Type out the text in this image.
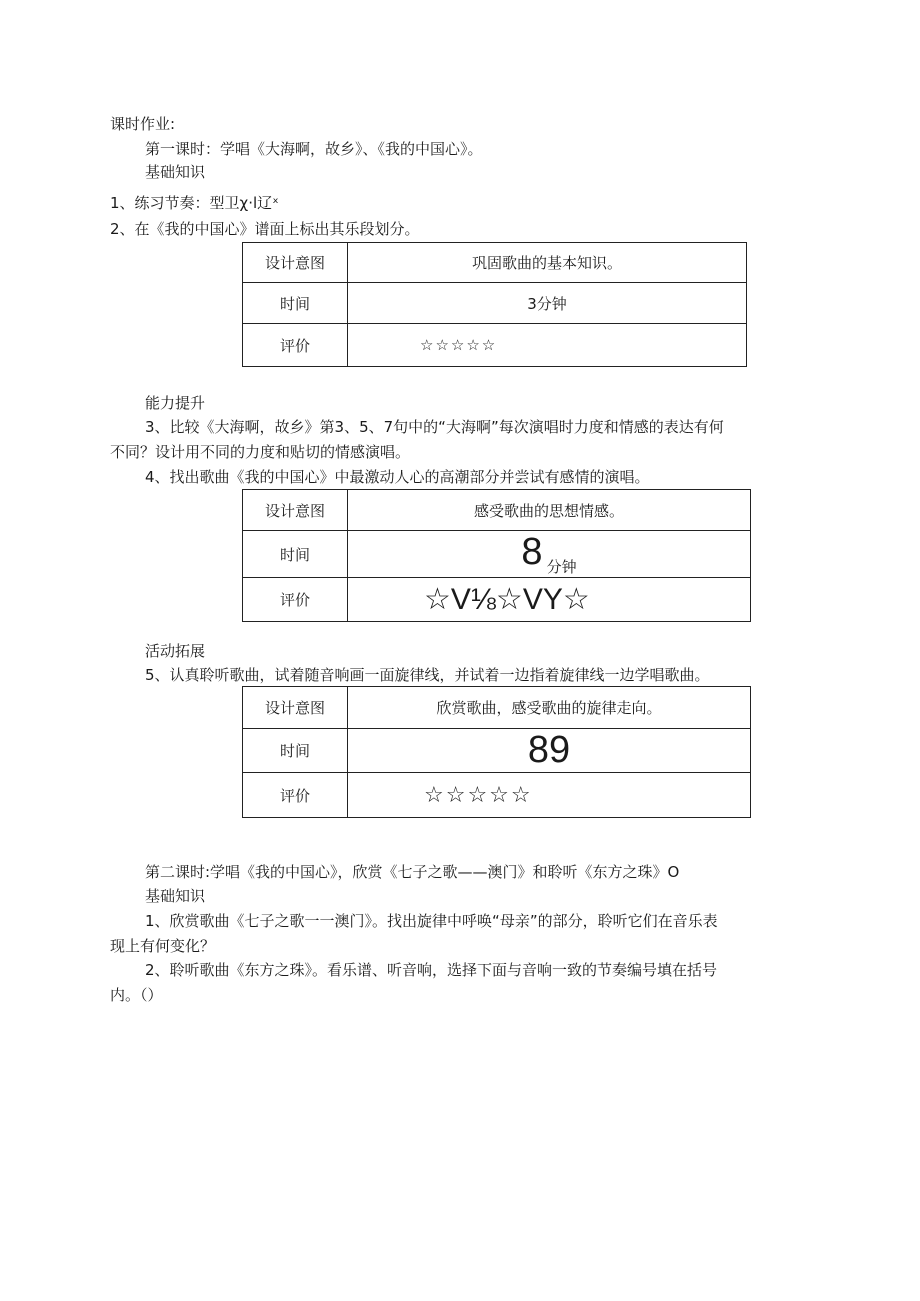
课时作业:
第一课时：学唱《大海啊，故乡》、《我的中国心》。
基础知识
1、练习节奏：型卫χ·l辽ˣ
2、在《我的中国心》谱面上标出其乐段划分。
设计意图	巩固歌曲的基本知识。
时间	3分钟
评价	☆☆☆☆☆
能力提升
3、比较《大海啊，故乡》第3、5、7句中的“大海啊”每次演唱时力度和情感的表达有何
不同？设计用不同的力度和贴切的情感演唱。
4、找出歌曲《我的中国心》中最激动人心的高潮部分并尝试有感情的演唱。
设计意图	感受歌曲的思想情感。
时间	8 分钟
评价	☆V⅛☆VY☆
活动拓展
5、认真聆听歌曲，试着随音响画一面旋律线，并试着一边指着旋律线一边学唱歌曲。
设计意图	欣赏歌曲，感受歌曲的旋律走向。
时间	89
评价	☆☆☆☆☆
第二课时:学唱《我的中国心》，欣赏《七子之歌——澳门》和聆听《东方之珠》O
基础知识
1、欣赏歌曲《七子之歌一一澳门》。找出旋律中呼唤“母亲”的部分，聆听它们在音乐表
现上有何变化？
2、聆听歌曲《东方之珠》。看乐谱、听音响，选择下面与音响一致的节奏编号填在括号
内。（）
